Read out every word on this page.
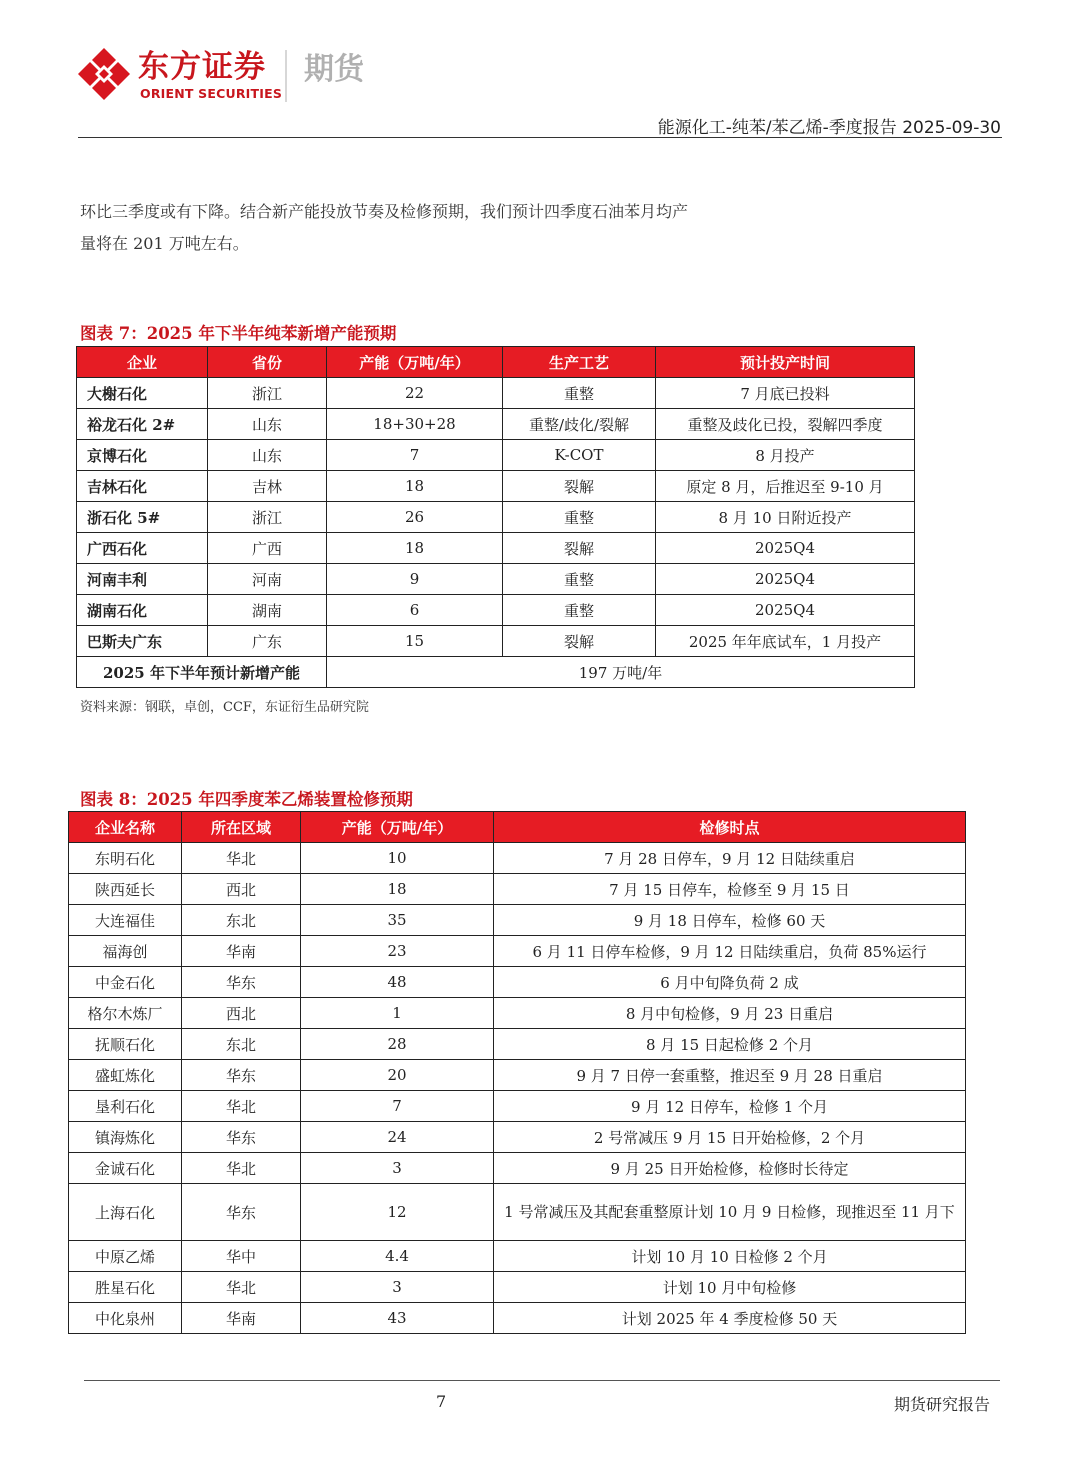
东方证券
ORIENT SECURITIES
期货
能源化工-纯苯/苯乙烯-季度报告 2025-09-30
环比三季度或有下降。结合新产能投放节奏及检修预期，我们预计四季度石油苯月均产
量将在 201 万吨左右。
图表 7：2025 年下半年纯苯新增产能预期
企业	省份	产能（万吨/年）	生产工艺	预计投产时间
大榭石化	浙江	22	重整	7 月底已投料
裕龙石化 2#	山东	18+30+28	重整/歧化/裂解	重整及歧化已投，裂解四季度
京博石化	山东	7	K-COT	8 月投产
吉林石化	吉林	18	裂解	原定 8 月，后推迟至 9-10 月
浙石化 5#	浙江	26	重整	8 月 10 日附近投产
广西石化	广西	18	裂解	2025Q4
河南丰利	河南	9	重整	2025Q4
湖南石化	湖南	6	重整	2025Q4
巴斯夫广东	广东	15	裂解	2025 年年底试车，1 月投产
2025 年下半年预计新增产能		197 万吨/年		
资料来源：钢联，卓创，CCF，东证衍生品研究院
图表 8：2025 年四季度苯乙烯装置检修预期
企业名称	所在区域	产能（万吨/年）	检修时点
东明石化	华北	10	7 月 28 日停车，9 月 12 日陆续重启
陕西延长	西北	18	7 月 15 日停车，检修至 9 月 15 日
大连福佳	东北	35	9 月 18 日停车，检修 60 天
福海创	华南	23	6 月 11 日停车检修，9 月 12 日陆续重启，负荷 85%运行
中金石化	华东	48	6 月中旬降负荷 2 成
格尔木炼厂	西北	1	8 月中旬检修，9 月 23 日重启
抚顺石化	东北	28	8 月 15 日起检修 2 个月
盛虹炼化	华东	20	9 月 7 日停一套重整，推迟至 9 月 28 日重启
垦利石化	华北	7	9 月 12 日停车，检修 1 个月
镇海炼化	华东	24	2 号常减压 9 月 15 日开始检修，2 个月
金诚石化	华北	3	9 月 25 日开始检修，检修时长待定
上海石化	华东	12	1 号常减压及其配套重整原计划 10 月 9 日检修，现推迟至 11 月下
中原乙烯	华中	4.4	计划 10 月 10 日检修 2 个月
胜星石化	华北	3	计划 10 月中旬检修
中化泉州	华南	43	计划 2025 年 4 季度检修 50 天
7	期货研究报告
